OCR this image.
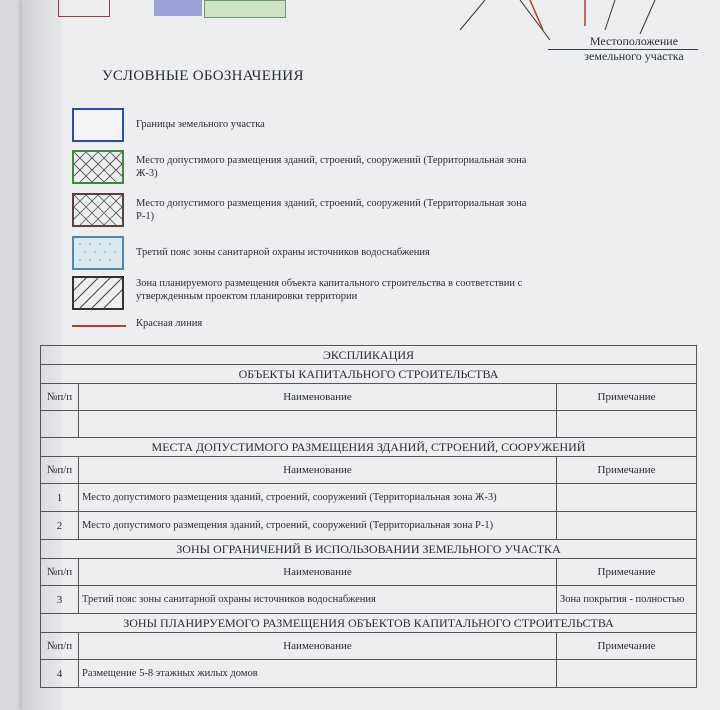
Местоположение
земельного участка
УСЛОВНЫЕ ОБОЗНАЧЕНИЯ
Границы земельного участка
Место допустимого размещения зданий, строений, сооружений (Территориальная зона Ж-3)
Место допустимого размещения зданий, строений, сооружений (Территориальная зона Р-1)
Третий пояс зоны санитарной охраны источников водоснабжения
Зона планируемого размещения объекта капитального строительства в соответствии с утвержденным проектом планировки территории
Красная линия
ЭКСПЛИКАЦИЯ		
ОБЪЕКТЫ КАПИТАЛЬНОГО СТРОИТЕЛЬСТВА		
№п/п	Наименование	Примечание

МЕСТА ДОПУСТИМОГО РАЗМЕЩЕНИЯ ЗДАНИЙ, СТРОЕНИЙ, СООРУЖЕНИЙ		
№п/п	Наименование	Примечание
1	Место допустимого размещения зданий, строений, сооружений (Территориальная зона Ж-3)	
2	Место допустимого размещения зданий, строений, сооружений (Территориальная зона Р-1)	
ЗОНЫ ОГРАНИЧЕНИЙ В ИСПОЛЬЗОВАНИИ ЗЕМЕЛЬНОГО УЧАСТКА		
№п/п	Наименование	Примечание
3	Третий пояс зоны санитарной охраны источников водоснабжения	Зона покрытия - полностью
ЗОНЫ ПЛАНИРУЕМОГО РАЗМЕЩЕНИЯ ОБЪЕКТОВ КАПИТАЛЬНОГО СТРОИТЕЛЬСТВА		
№п/п	Наименование	Примечание
4	Размещение 5-8 этажных жилых домов	
